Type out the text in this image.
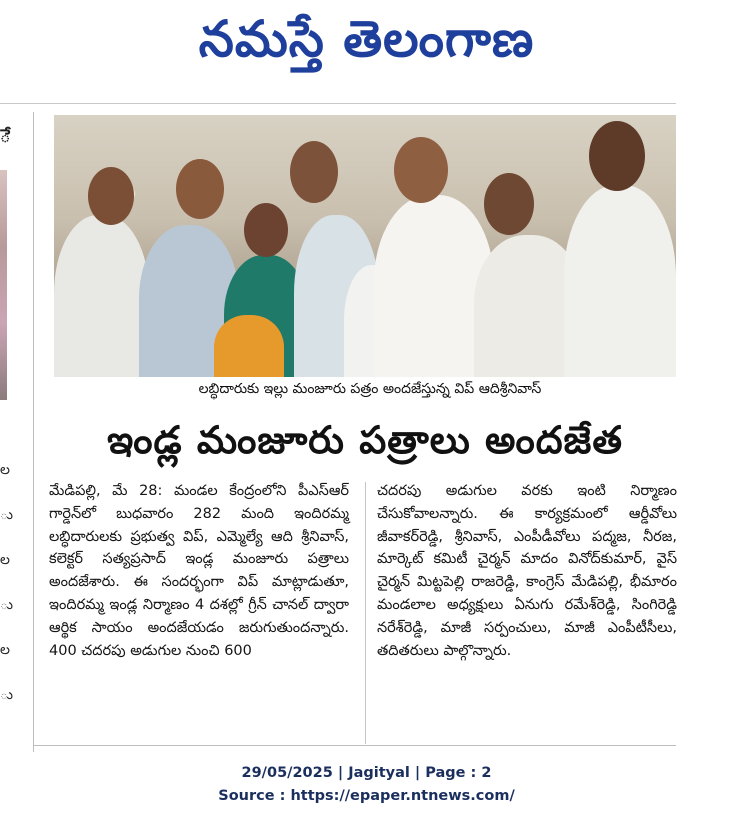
నమస్తే తెలంగాణ
ే
ల
ు
ల
ు
ల
ు
లబ్ధిదారుకు ఇల్లు మంజూరు పత్రం అందజేస్తున్న విప్ ఆదిశ్రీనివాస్
ఇండ్ల మంజూరు పత్రాలు అందజేత
మేడిపల్లి, మే 28: మండల కేంద్రంలోని పీఎస్ఆర్ గార్డెన్‌లో బుధవారం 282 మంది ఇందిరమ్మ లబ్ధిదారులకు ప్రభుత్వ విప్, ఎమ్మెల్యే ఆది శ్రీనివాస్, కలెక్టర్ సత్యప్రసాద్ ఇండ్ల మంజూరు పత్రాలు అందజేశారు. ఈ సందర్భంగా విప్ మాట్లాడుతూ, ఇందిరమ్మ ఇండ్ల నిర్మాణం 4 దశల్లో గ్రీన్ చానల్ ద్వారా ఆర్థిక సాయం అందజేయడం జరుగుతుందన్నారు. 400 చదరపు అడుగుల నుంచి 600
చదరపు అడుగుల వరకు ఇంటి నిర్మాణం చేసుకోవాలన్నారు. ఈ కార్యక్రమంలో ఆర్డీవోలు జీవాకర్‌రెడ్డి, శ్రీనివాస్, ఎంపీడీవోలు పద్మజ, నీరజ, మార్కెట్ కమిటీ చైర్మన్ మాదం వినోద్‌కుమార్, వైస్ చైర్మన్ మిట్టపెల్లి రాజరెడ్డి, కాంగ్రెస్ మేడిపల్లి, భీమారం మండలాల అధ్యక్షులు ఏనుగు రమేశ్‌రెడ్డి, సింగిరెడ్డి నరేశ్‌రెడ్డి, మాజీ సర్పంచులు, మాజీ ఎంపీటీసీలు, తదితరులు పాల్గొన్నారు.
29/05/2025 | Jagityal | Page : 2
Source : https://epaper.ntnews.com/
